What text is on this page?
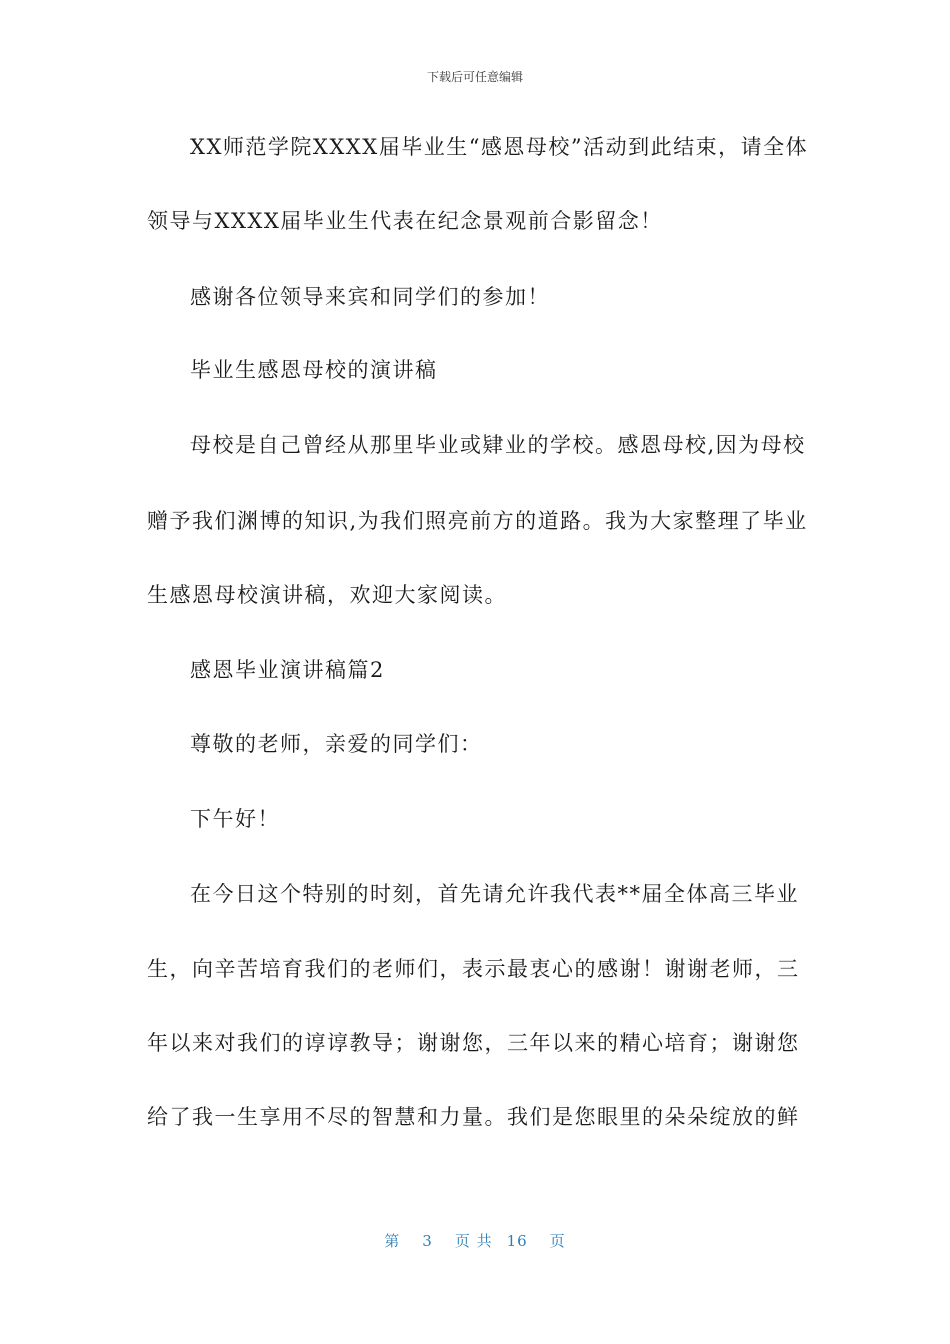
下载后可任意编辑
XX师范学院XXXX届毕业生“感恩母校”活动到此结束，请全体
领导与XXXX届毕业生代表在纪念景观前合影留念！
感谢各位领导来宾和同学们的参加！
毕业生感恩母校的演讲稿
母校是自己曾经从那里毕业或肄业的学校。感恩母校,因为母校
赠予我们渊博的知识,为我们照亮前方的道路。我为大家整理了毕业
生感恩母校演讲稿，欢迎大家阅读。
感恩毕业演讲稿篇2
尊敬的老师，亲爱的同学们：
下午好！
在今日这个特别的时刻，首先请允许我代表**届全体高三毕业
生，向辛苦培育我们的老师们，表示最衷心的感谢！谢谢老师，三
年以来对我们的谆谆教导；谢谢您，三年以来的精心培育；谢谢您
给了我一生享用不尽的智慧和力量。我们是您眼里的朵朵绽放的鲜
第 3 页 共 16 页
